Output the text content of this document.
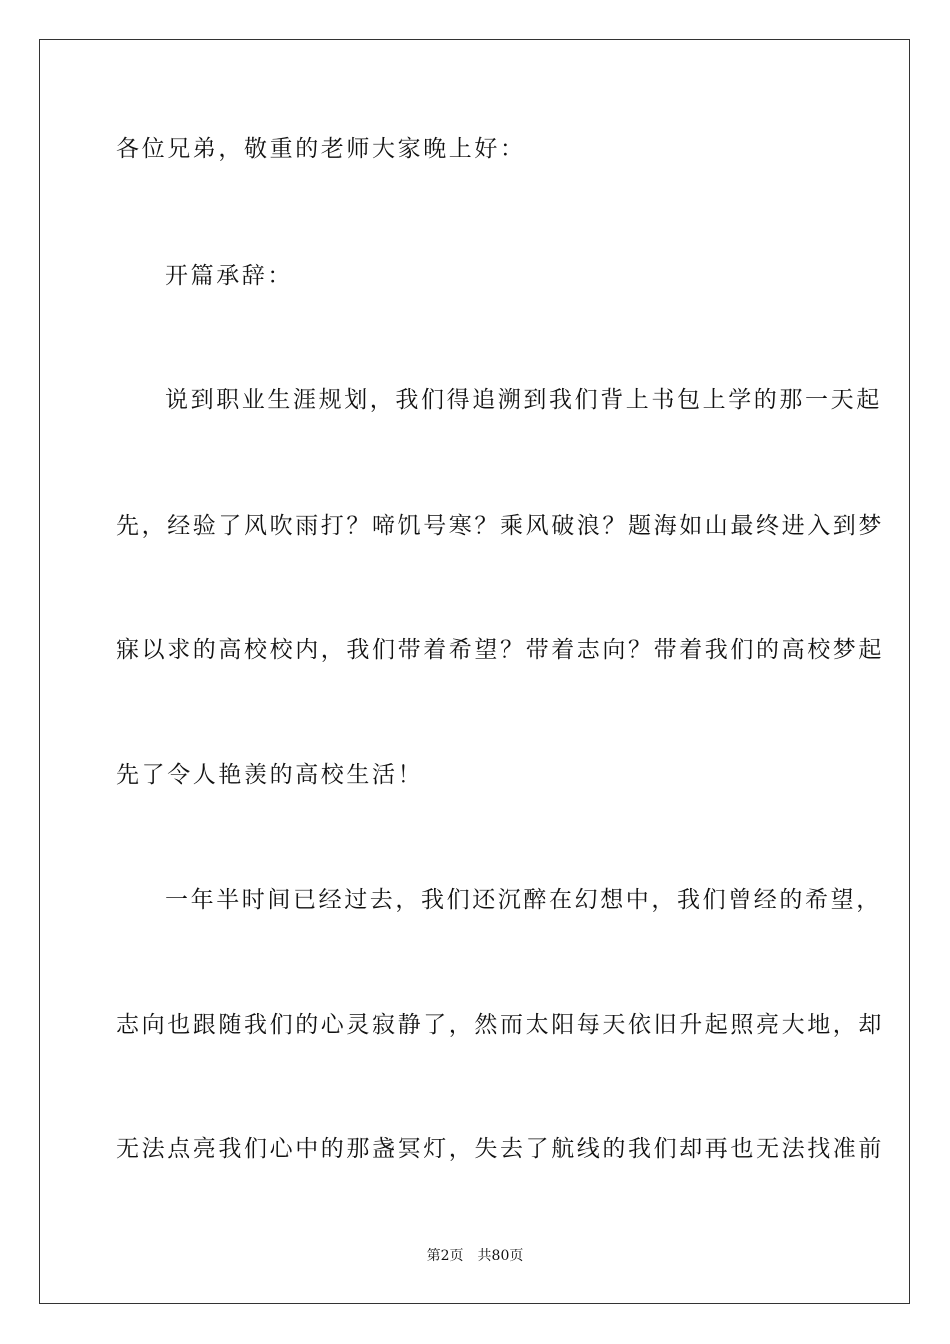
各位兄弟，敬重的老师大家晚上好：
开篇承辞：
说到职业生涯规划，我们得追溯到我们背上书包上学的那一天起
先，经验了风吹雨打？啼饥号寒？乘风破浪？题海如山最终进入到梦
寐以求的高校校内，我们带着希望？带着志向？带着我们的高校梦起
先了令人艳羡的高校生活！
一年半时间已经过去，我们还沉醉在幻想中，我们曾经的希望，
志向也跟随我们的心灵寂静了，然而太阳每天依旧升起照亮大地，却
无法点亮我们心中的那盏冥灯，失去了航线的我们却再也无法找准前
第2页 共80页
